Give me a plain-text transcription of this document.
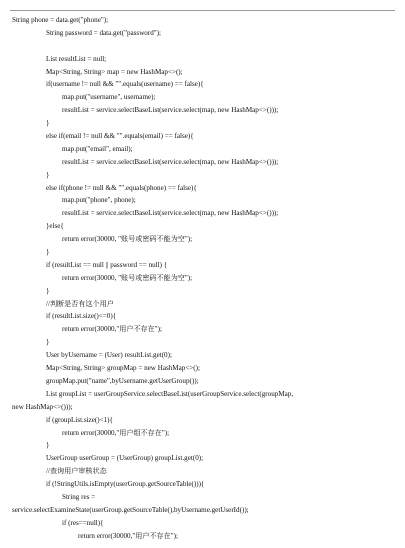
String phone = data.get("phone");
String password = data.get("password");
List resultList = null;
Map<String, String> map = new HashMap<>();
if(username != null && "".equals(username) == false){
map.put("username", username);
resultList = service.selectBaseList(service.select(map, new HashMap<>()));
}
else if(email != null && "".equals(email) == false){
map.put("email", email);
resultList = service.selectBaseList(service.select(map, new HashMap<>()));
}
else if(phone != null && "".equals(phone) == false){
map.put("phone", phone);
resultList = service.selectBaseList(service.select(map, new HashMap<>()));
}else{
return error(30000, "账号或密码不能为空");
}
if (resultList == null || password == null) {
return error(30000, "账号或密码不能为空");
}
//判断是否有这个用户
if (resultList.size()<=0){
return error(30000,"用户不存在");
}
User byUsername = (User) resultList.get(0);
Map<String, String> groupMap = new HashMap<>();
groupMap.put("name",byUsername.getUserGroup());
List groupList = userGroupService.selectBaseList(userGroupService.select(groupMap,
new HashMap<>()));
if (groupList.size()<1){
return error(30000,"用户组不存在");
}
UserGroup userGroup = (UserGroup) groupList.get(0);
//查询用户审核状态
if (!StringUtils.isEmpty(userGroup.getSourceTable())){
String res =
service.selectExamineState(userGroup.getSourceTable(),byUsername.getUserId());
if (res==null){
return error(30000,"用户不存在");
